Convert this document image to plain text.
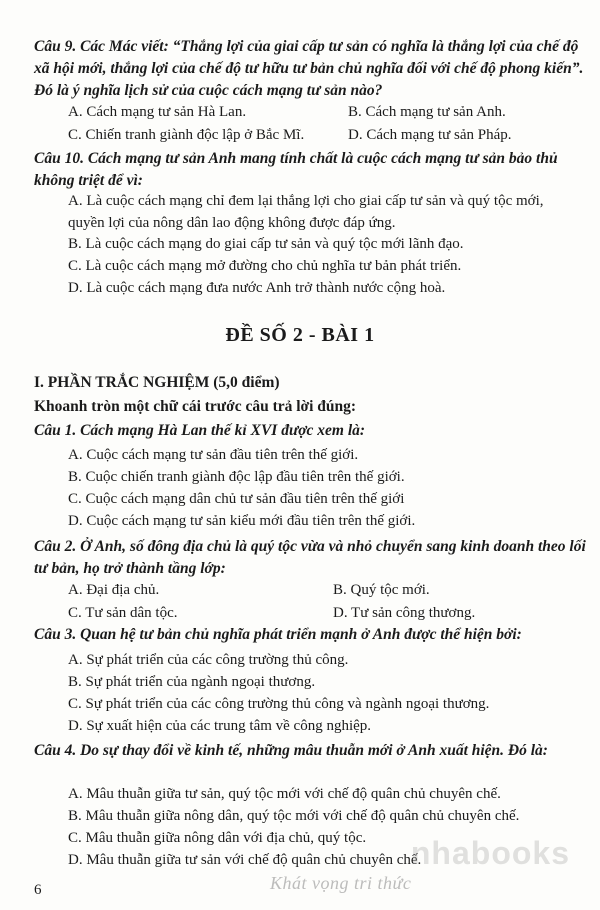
Câu 9. Các Mác viết: “Thắng lợi của giai cấp tư sản có nghĩa là thắng lợi của chế độ xã hội mới, thắng lợi của chế độ tư hữu tư bản chủ nghĩa đối với chế độ phong kiến”. Đó là ý nghĩa lịch sử của cuộc cách mạng tư sản nào?

A. Cách mạng tư sản Hà Lan.	B. Cách mạng tư sản Anh.
C. Chiến tranh giành độc lập ở Bắc Mĩ.	D. Cách mạng tư sản Pháp.

Câu 10. Cách mạng tư sản Anh mang tính chất là cuộc cách mạng tư sản bảo thủ không triệt để vì:

A. Là cuộc cách mạng chỉ đem lại thắng lợi cho giai cấp tư sản và quý tộc mới, quyền lợi của nông dân lao động không được đáp ứng.
B. Là cuộc cách mạng do giai cấp tư sản và quý tộc mới lãnh đạo.
C. Là cuộc cách mạng mở đường cho chủ nghĩa tư bản phát triển.
D. Là cuộc cách mạng đưa nước Anh trở thành nước cộng hoà.
ĐỀ SỐ 2 - BÀI 1
I. PHẦN TRẮC NGHIỆM (5,0 điểm)
Khoanh tròn một chữ cái trước câu trả lời đúng:

Câu 1. Cách mạng Hà Lan thế kỉ XVI được xem là:

A. Cuộc cách mạng tư sản đầu tiên trên thế giới.
B. Cuộc chiến tranh giành độc lập đầu tiên trên thế giới.
C. Cuộc cách mạng dân chủ tư sản đầu tiên trên thế giới
D. Cuộc cách mạng tư sản kiểu mới đầu tiên trên thế giới.

Câu 2. Ở Anh, số đông địa chủ là quý tộc vừa và nhỏ chuyển sang kinh doanh theo lối tư bản, họ trở thành tầng lớp:

A. Đại địa chủ.	B. Quý tộc mới.
C. Tư sản dân tộc.	D. Tư sản công thương.

Câu 3. Quan hệ tư bản chủ nghĩa phát triển mạnh ở Anh được thể hiện bởi:

A. Sự phát triển của các công trường thủ công.
B. Sự phát triển của ngành ngoại thương.
C. Sự phát triển của các công trường thủ công và ngành ngoại thương.
D. Sự xuất hiện của các trung tâm về công nghiệp.

Câu 4. Do sự thay đổi về kinh tế, những mâu thuẫn mới ở Anh xuất hiện. Đó là:

A. Mâu thuẫn giữa tư sản, quý tộc mới với chế độ quân chủ chuyên chế.
B. Mâu thuẫn giữa nông dân, quý tộc mới với chế độ quân chủ chuyên chế.
C. Mâu thuẫn giữa nông dân với địa chủ, quý tộc.
D. Mâu thuẫn giữa tư sản với chế độ quân chủ chuyên chế.
6
nhabooks
Khát vọng tri thức
